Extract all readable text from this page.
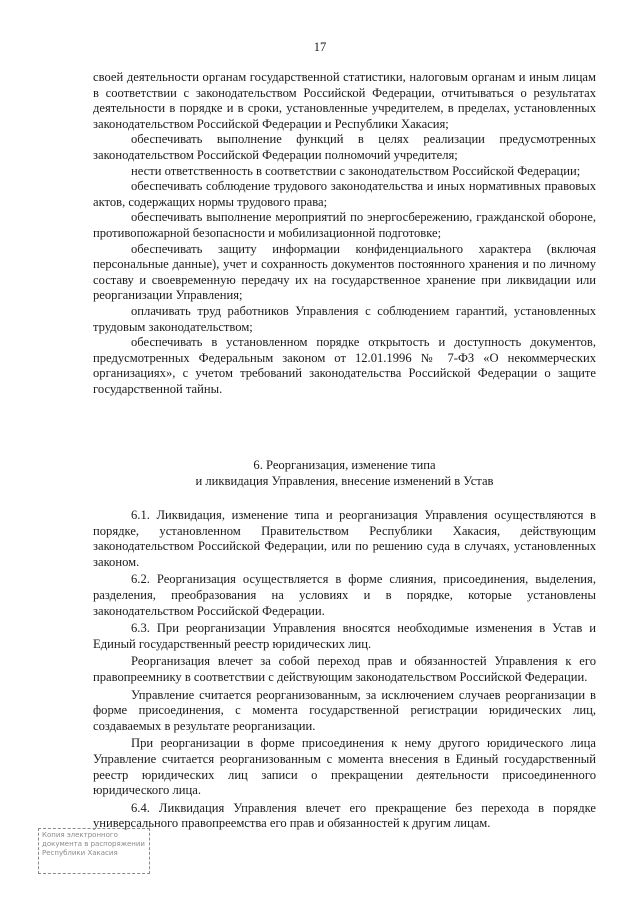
17

своей деятельности органам государственной статистики, налоговым органам и иным лицам в соответствии с законодательством Российской Федерации, отчитываться о результатах деятельности в порядке и в сроки, установленные учредителем, в пределах, установленных законодательством Российской Федерации и Республики Хакасия;

обеспечивать выполнение функций в целях реализации предусмотренных законодательством Российской Федерации полномочий учредителя;

нести ответственность в соответствии с законодательством Российской Федерации;

обеспечивать соблюдение трудового законодательства и иных нормативных правовых актов, содержащих нормы трудового права;

обеспечивать выполнение мероприятий по энергосбережению, гражданской обороне, противопожарной безопасности и мобилизационной подготовке;

обеспечивать защиту информации конфиденциального характера (включая персональные данные), учет и сохранность документов постоянного хранения и по личному составу и своевременную передачу их на государственное хранение при ликвидации или реорганизации Управления;

оплачивать труд работников Управления с соблюдением гарантий, установленных трудовым законодательством;

обеспечивать в установленном порядке открытость и доступность документов, предусмотренных Федеральным законом от 12.01.1996 № 7-ФЗ «О некоммерческих организациях», с учетом требований законодательства Российской Федерации о защите государственной тайны.

6. Реорганизация, изменение типа
и ликвидация Управления, внесение изменений в Устав

6.1. Ликвидация, изменение типа и реорганизация Управления осуществляются в порядке, установленном Правительством Республики Хакасия, действующим законодательством Российской Федерации, или по решению суда в случаях, установленных законом.

6.2. Реорганизация осуществляется в форме слияния, присоединения, выделения, разделения, преобразования на условиях и в порядке, которые установлены законодательством Российской Федерации.

6.3. При реорганизации Управления вносятся необходимые изменения в Устав и Единый государственный реестр юридических лиц.

Реорганизация влечет за собой переход прав и обязанностей Управления к его правопреемнику в соответствии с действующим законодательством Российской Федерации.

Управление считается реорганизованным, за исключением случаев реорганизации в форме присоединения, с момента государственной регистрации юридических лиц, создаваемых в результате реорганизации.

При реорганизации в форме присоединения к нему другого юридического лица Управление считается реорганизованным с момента внесения в Единый государственный реестр юридических лиц записи о прекращении деятельности присоединенного юридического лица.

6.4. Ликвидация Управления влечет его прекращение без перехода в порядке универсального правопреемства его прав и обязанностей к другим лицам.

Копия электронного документа в распоряжении Республики Хакасия
